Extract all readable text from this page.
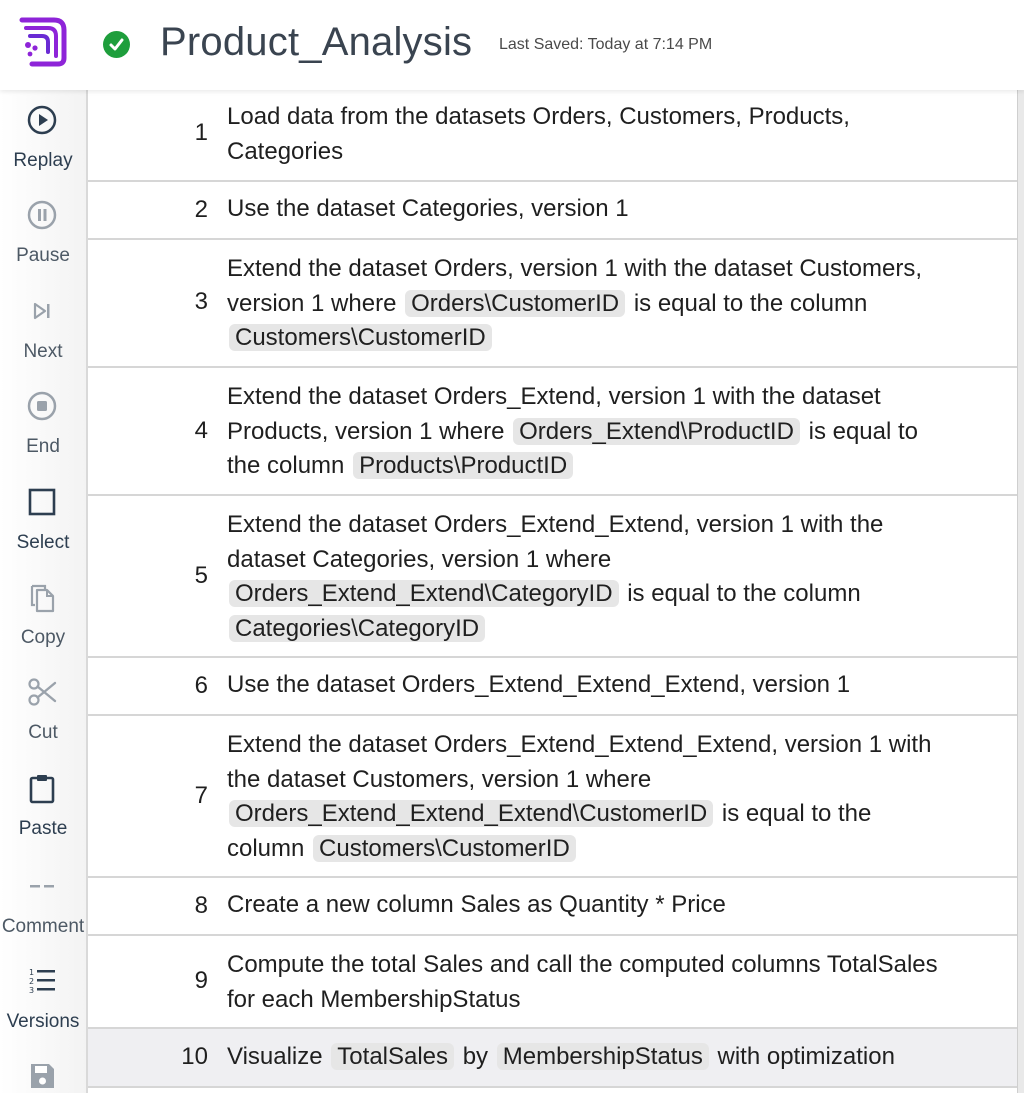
Product_Analysis Last Saved: Today at 7:14 PM
Replay
Pause
Next
End
Select
Copy
Cut
Paste
Comment
1
2
3
Versions
1
Load data from the datasets Orders, Customers, Products, Categories
2 Use the dataset Categories, version 1
3
Extend the dataset Orders, version 1 with the dataset Customers, version 1 where Orders\CustomerID is equal to the column Customers\CustomerID
4
Extend the dataset Orders_Extend, version 1 with the dataset Products, version 1 where Orders_Extend\ProductID is equal to the column Products\ProductID
5
Extend the dataset Orders_Extend_Extend, version 1 with the dataset Categories, version 1 where Orders_Extend_Extend\CategoryID is equal to the column Categories\CategoryID
6 Use the dataset Orders_Extend_Extend_Extend, version 1
7
Extend the dataset Orders_Extend_Extend_Extend, version 1 with the dataset Customers, version 1 where Orders_Extend_Extend_Extend\CustomerID is equal to the column Customers\CustomerID
8 Create a new column Sales as Quantity * Price
9
Compute the total Sales and call the computed columns TotalSales for each MembershipStatus
10 Visualize TotalSales by MembershipStatus with optimization
